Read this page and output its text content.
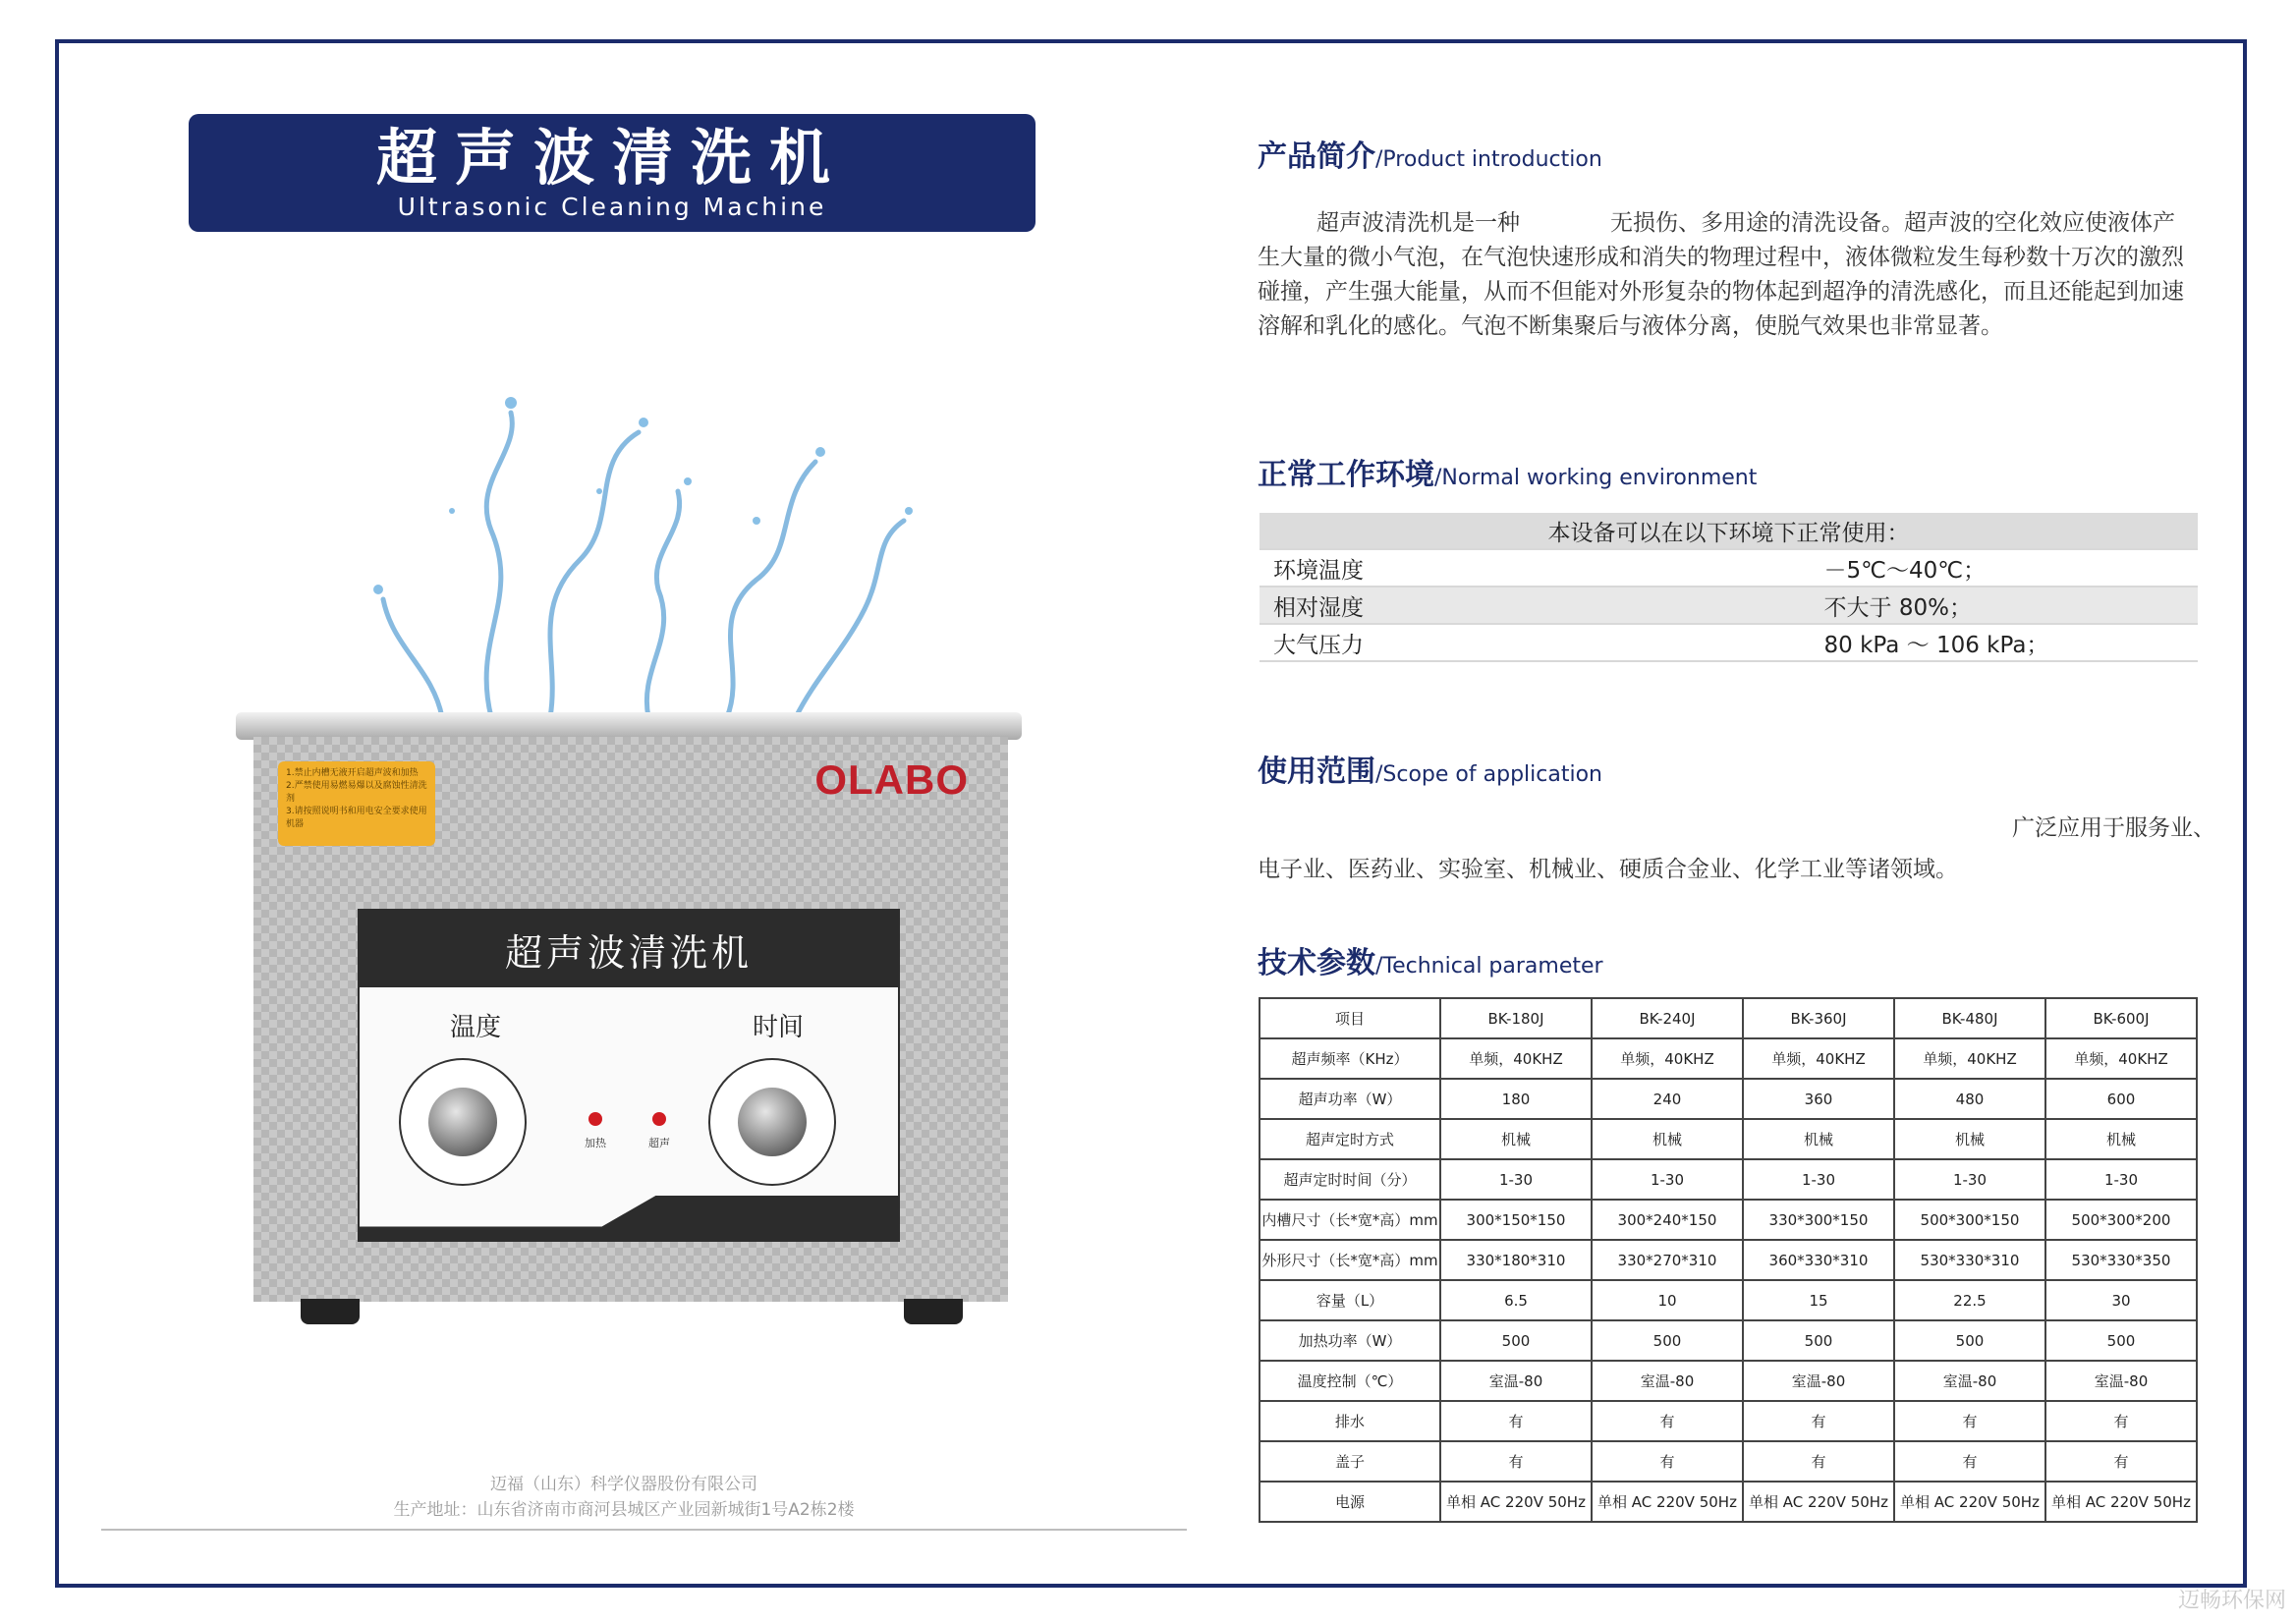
超声波清洗机
Ultrasonic Cleaning Machine
1.禁止内槽无液开启超声波和加热
2.严禁使用易燃易爆以及腐蚀性清洗剂
3.请按照说明书和用电安全要求使用机器
OLABO
超声波清洗机
温度	时间
加热	超声
迈福（山东）科学仪器股份有限公司
生产地址：山东省济南市商河县城区产业园新城街1号A2栋2楼
产品简介/Product introduction
超声波清洗机是一种　　　　无损伤、多用途的清洗设备。超声波的空化效应使液体产生大量的微小气泡，在气泡快速形成和消失的物理过程中，液体微粒发生每秒数十万次的激烈碰撞，产生强大能量，从而不但能对外形复杂的物体起到超净的清洗感化，而且还能起到加速溶解和乳化的感化。气泡不断集聚后与液体分离，使脱气效果也非常显著。
正常工作环境/Normal working environment
本设备可以在以下环境下正常使用：	
环境温度	－5℃～40℃；
相对湿度	不大于 80%；
大气压力	80 kPa ～ 106 kPa；
使用范围/Scope of application
广泛应用于服务业、
电子业、医药业、实验室、机械业、硬质合金业、化学工业等诸领域。
技术参数/Technical parameter
项目	BK-180J	BK-240J	BK-360J	BK-480J	BK-600J
超声频率（KHz）	单频，40KHZ	单频，40KHZ	单频，40KHZ	单频，40KHZ	单频，40KHZ
超声功率（W）	180	240	360	480	600
超声定时方式	机械	机械	机械	机械	机械
超声定时时间（分）	1-30	1-30	1-30	1-30	1-30
内槽尺寸（长*宽*高）mm	300*150*150	300*240*150	330*300*150	500*300*150	500*300*200
外形尺寸（长*宽*高）mm	330*180*310	330*270*310	360*330*310	530*330*310	530*330*350
容量（L）	6.5	10	15	22.5	30
加热功率（W）	500	500	500	500	500
温度控制（℃）	室温-80	室温-80	室温-80	室温-80	室温-80
排水	有	有	有	有	有
盖子	有	有	有	有	有
电源	单相 AC 220V 50Hz	单相 AC 220V 50Hz	单相 AC 220V 50Hz	单相 AC 220V 50Hz	单相 AC 220V 50Hz
迈畅环保网
